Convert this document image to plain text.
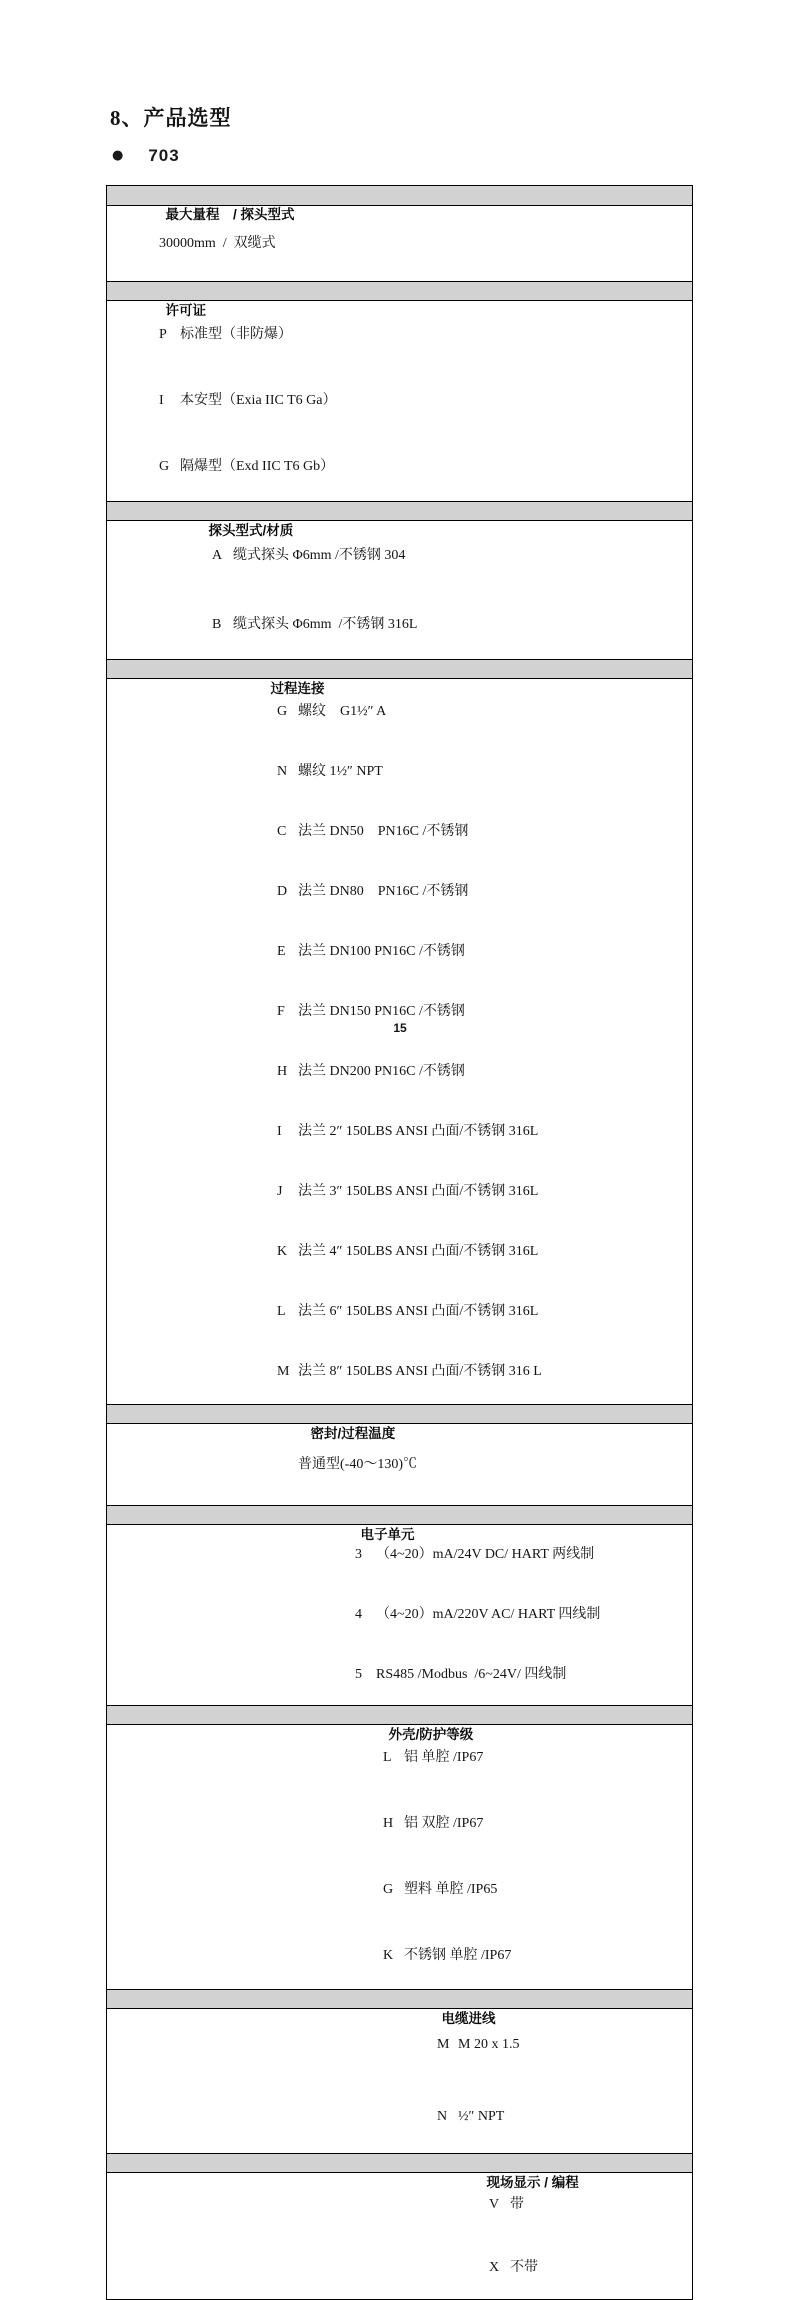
8、产品选型
● 703

最大量程　/ 探头型式

30000mm  /  双缆式

许可证

P 标准型（非防爆）

I 本安型（Exia IIC T6 Ga）

G 隔爆型（Exd IIC T6 Gb）

探头型式/材质

A 缆式探头 Φ6mm /不锈钢 304

B 缆式探头 Φ6mm  /不锈钢 316L

过程连接

G 螺纹　G1½″ A

N 螺纹 1½″ NPT

C 法兰 DN50　PN16C /不锈钢

D 法兰 DN80　PN16C /不锈钢

E 法兰 DN100 PN16C /不锈钢

F 法兰 DN150 PN16C /不锈钢

H 法兰 DN200 PN16C /不锈钢

I 法兰 2″ 150LBS ANSI 凸面/不锈钢 316L

J 法兰 3″ 150LBS ANSI 凸面/不锈钢 316L

K 法兰 4″ 150LBS ANSI 凸面/不锈钢 316L

L 法兰 6″ 150LBS ANSI 凸面/不锈钢 316L

M 法兰 8″ 150LBS ANSI 凸面/不锈钢 316 L

密封/过程温度

普通型(-40～130)℃

电子单元

3 （4~20）mA/24V DC/ HART 两线制

4 （4~20）mA/220V AC/ HART 四线制

5 RS485 /Modbus  /6~24V/ 四线制

外壳/防护等级

L 铝 单腔 /IP67

H 铝 双腔 /IP67

G 塑料 单腔 /IP65

K 不锈钢 单腔 /IP67

电缆进线

M M 20 x 1.5

N ½″ NPT

现场显示 / 编程

V 带

X 不带

15
